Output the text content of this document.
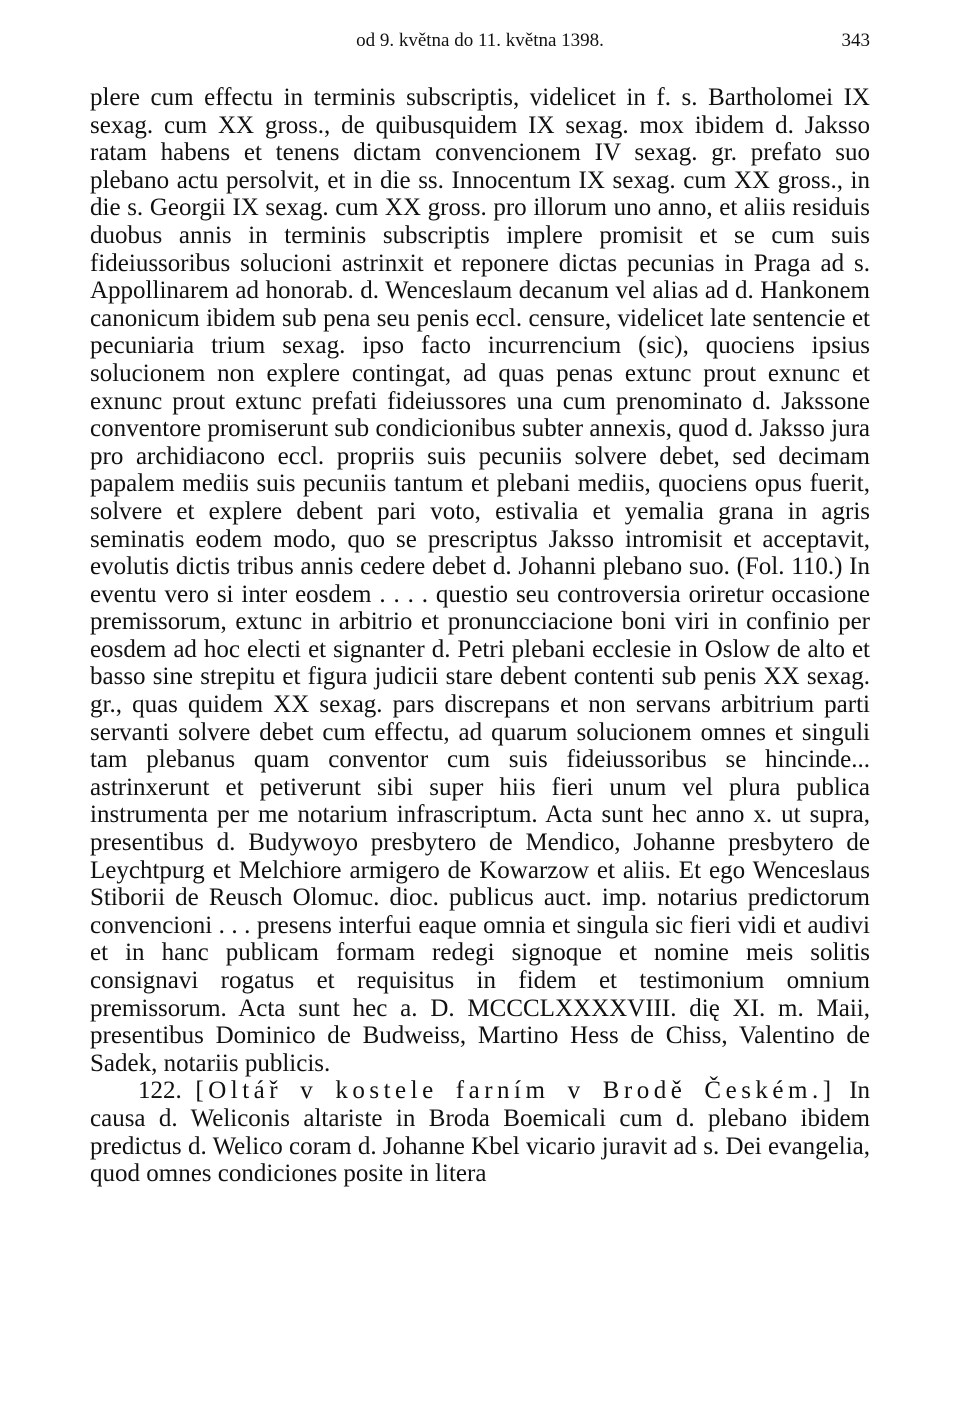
od 9. května do 11. května 1398.	343

plere cum effectu in terminis subscriptis, videlicet in f. s. Bartholomei IX sexag. cum XX gross., de quibusquidem IX sexag. mox ibidem d. Jaksso ratam habens et tenens dictam convencionem IV sexag. gr. prefato suo plebano actu persolvit, et in die ss. Innocentum IX sexag. cum XX gross., in die s. Georgii IX sexag. cum XX gross. pro illorum uno anno, et aliis residuis duobus annis in terminis subscriptis implere promisit et se cum suis fideiussoribus solucioni astrinxit et reponere dictas pecunias in Praga ad s. Appollinarem ad honorab. d. Wenceslaum decanum vel alias ad d. Hankonem canonicum ibidem sub pena seu penis eccl. censure, videlicet late sentencie et pecuniaria trium sexag. ipso facto incurrencium (sic), quociens ipsius solucionem non explere contingat, ad quas penas extunc prout exnunc et exnunc prout extunc prefati fideiussores una cum prenominato d. Jakssone conventore promiserunt sub condicionibus subter annexis, quod d. Jaksso jura pro archidiacono eccl. propriis suis pecuniis solvere debet, sed decimam papalem mediis suis pecuniis tantum et plebani mediis, quociens opus fuerit, solvere et explere debent pari voto, estivalia et yemalia grana in agris seminatis eodem modo, quo se prescriptus Jaksso intromisit et acceptavit, evolutis dictis tribus annis cedere debet d. Johanni plebano suo. (Fol. 110.) In eventu vero si inter eosdem . . . . questio seu controversia oriretur occasione premissorum, extunc in arbitrio et pronuncciacione boni viri in confinio per eosdem ad hoc electi et signanter d. Petri plebani ecclesie in Oslow de alto et basso sine strepitu et figura judicii stare debent contenti sub penis XX sexag. gr., quas quidem XX sexag. pars discrepans et non servans arbitrium parti servanti solvere debet cum effectu, ad quarum solucionem omnes et singuli tam plebanus quam conventor cum suis fideiussoribus se hincinde... astrinxerunt et petiverunt sibi super hiis fieri unum vel plura publica instrumenta per me notarium infrascriptum. Acta sunt hec anno x. ut supra, presentibus d. Budywoyo presbytero de Mendico, Johanne presbytero de Leychtpurg et Melchiore armigero de Kowarzow et aliis. Et ego Wenceslaus Stiborii de Reusch Olomuc. dioc. publicus auct. imp. notarius predictorum convencioni . . . presens interfui eaque omnia et singula sic fieri vidi et audivi et in hanc publicam formam redegi signoque et nomine meis solitis consignavi rogatus et requisitus in fidem et testimonium omnium premissorum. Acta sunt hec a. D. MCCCLXXXXVIII. dię XI. m. Maii, presentibus Dominico de Budweiss, Martino Hess de Chiss, Valentino de Sadek, notariis publicis.

122. [Oltář v kostele farním v Brodě Českém.] In causa d. Weliconis altariste in Broda Boemicali cum d. plebano ibidem predictus d. Welico coram d. Johanne Kbel vicario juravit ad s. Dei evangelia, quod omnes condiciones posite in litera
